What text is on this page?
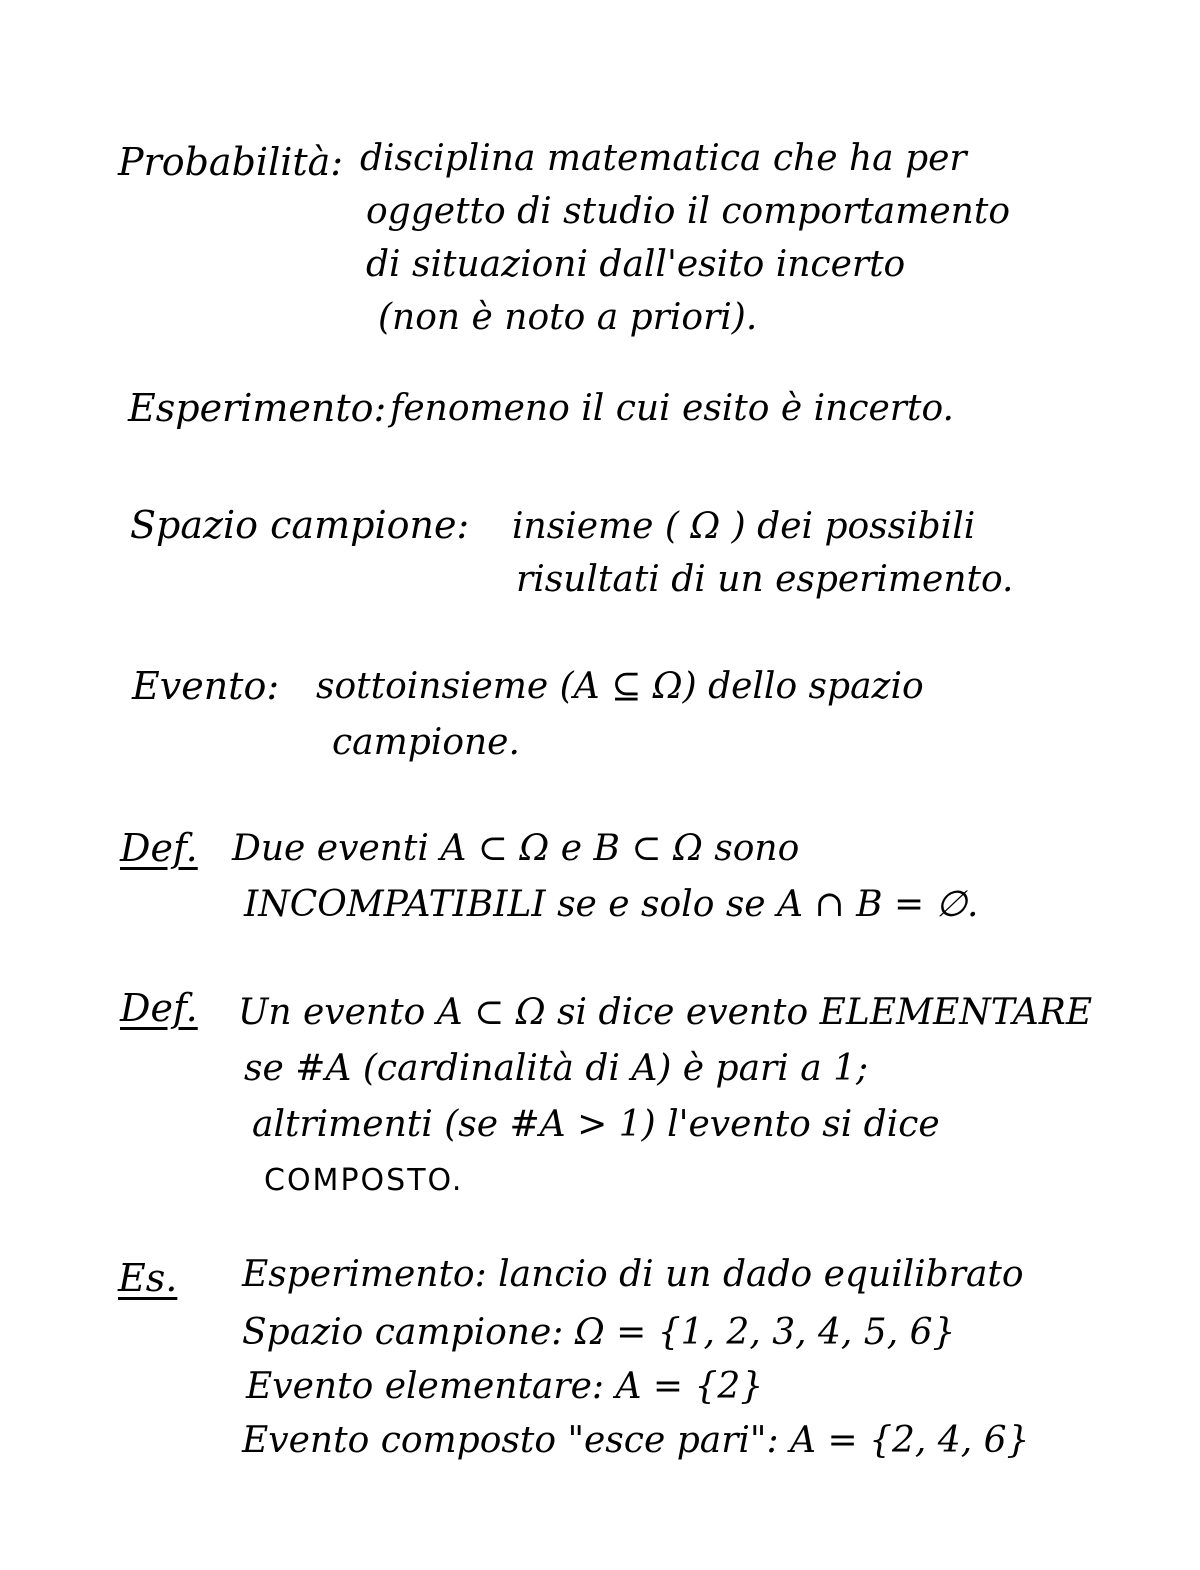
Probabilità: disciplina matematica che ha per
oggetto di studio il comportamento
di situazioni dall'esito incerto
(non è noto a priori).
Esperimento: fenomeno il cui esito è incerto.
Spazio campione: insieme ( Ω ) dei possibili
risultati di un esperimento.
Evento: sottoinsieme (A ⊆ Ω) dello spazio
campione.
Def. Due eventi A ⊂ Ω e B ⊂ Ω sono
INCOMPATIBILI se e solo se A ∩ B = ∅.
Def. Un evento A ⊂ Ω si dice evento ELEMENTARE
se #A (cardinalità di A) è pari a 1;
altrimenti (se #A > 1) l'evento si dice
COMPOSTO.
Es. Esperimento: lancio di un dado equilibrato
Spazio campione: Ω = {1, 2, 3, 4, 5, 6}
Evento elementare: A = {2}
Evento composto "esce pari": A = {2, 4, 6}
